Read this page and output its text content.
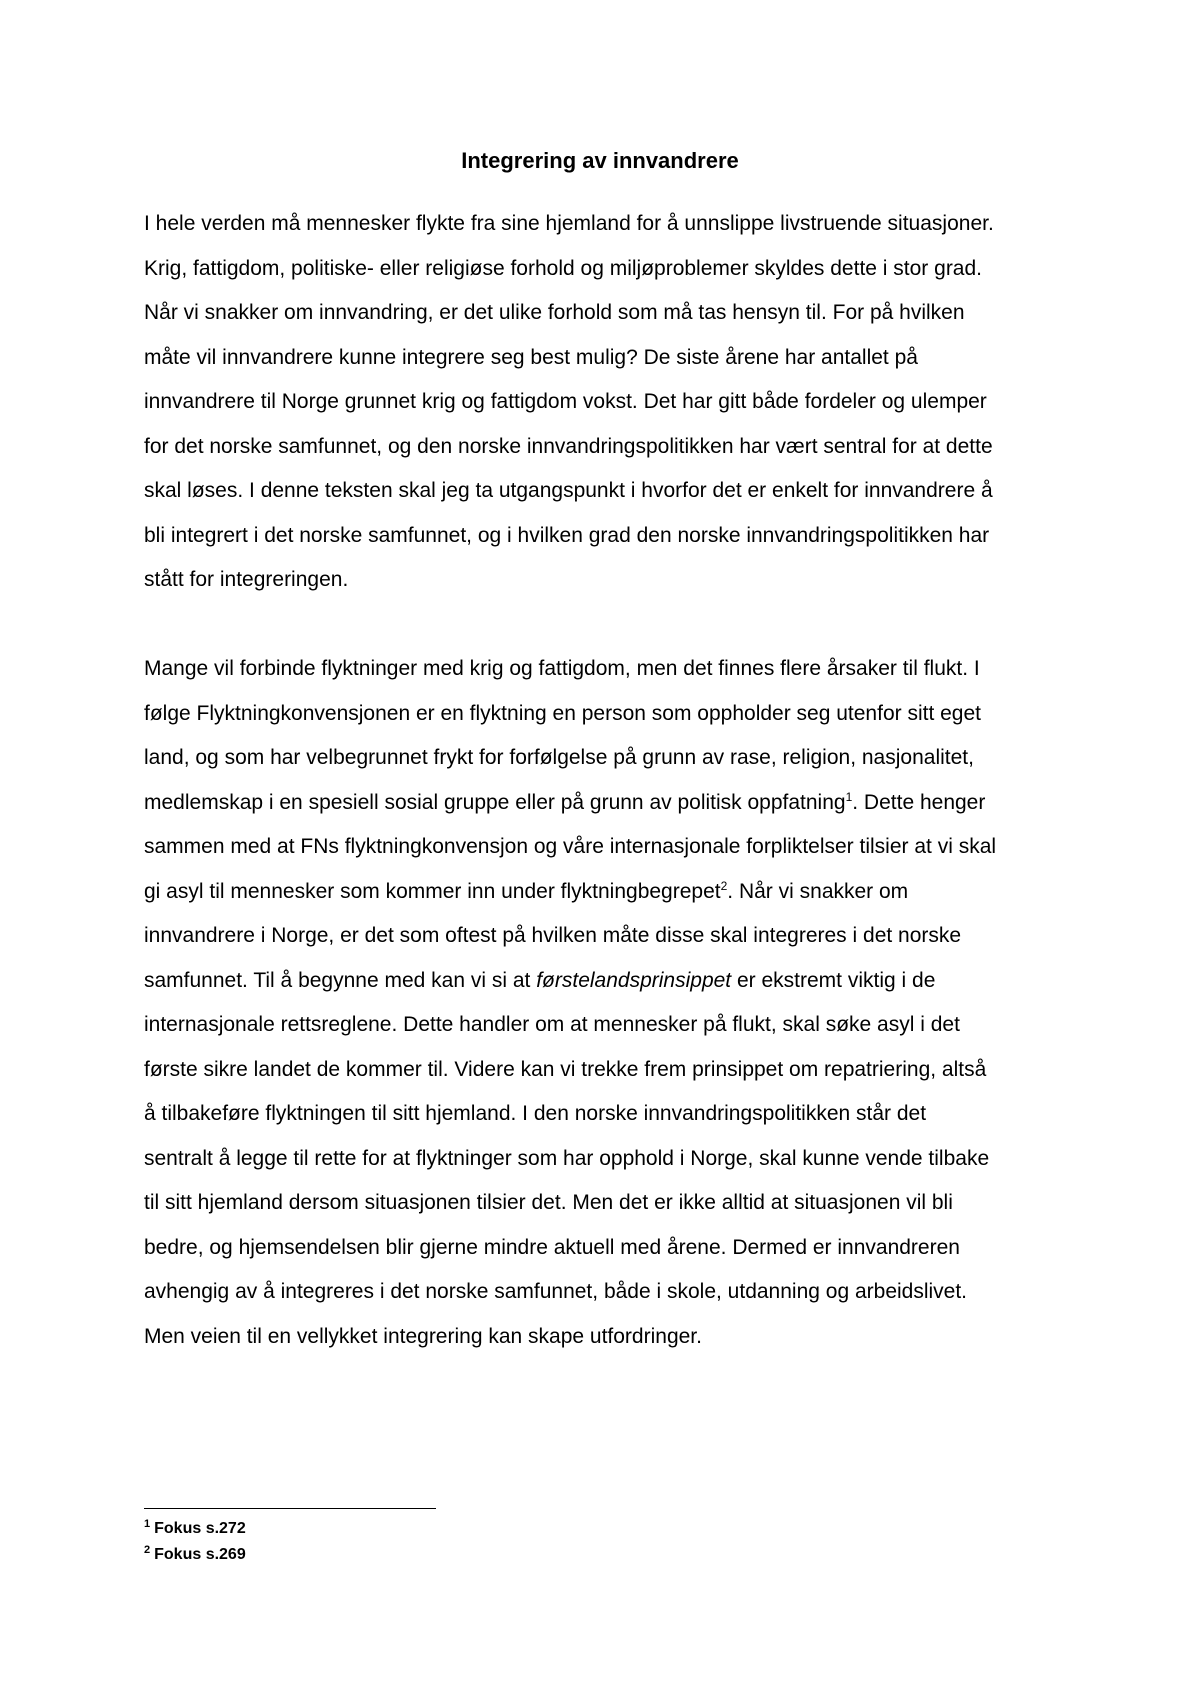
Integrering av innvandrere
I hele verden må mennesker flykte fra sine hjemland for å unnslippe livstruende situasjoner.
Krig, fattigdom, politiske- eller religiøse forhold og miljøproblemer skyldes dette i stor grad.
Når vi snakker om innvandring, er det ulike forhold som må tas hensyn til. For på hvilken
måte vil innvandrere kunne integrere seg best mulig? De siste årene har antallet på
innvandrere til Norge grunnet krig og fattigdom vokst. Det har gitt både fordeler og ulemper
for det norske samfunnet, og den norske innvandringspolitikken har vært sentral for at dette
skal løses. I denne teksten skal jeg ta utgangspunkt i hvorfor det er enkelt for innvandrere å
bli integrert i det norske samfunnet, og i hvilken grad den norske innvandringspolitikken har
stått for integreringen.
Mange vil forbinde flyktninger med krig og fattigdom, men det finnes flere årsaker til flukt. I
følge Flyktningkonvensjonen er en flyktning en person som oppholder seg utenfor sitt eget
land, og som har velbegrunnet frykt for forfølgelse på grunn av rase, religion, nasjonalitet,
medlemskap i en spesiell sosial gruppe eller på grunn av politisk oppfatning$^1$. Dette henger
sammen med at FNs flyktningkonvensjon og våre internasjonale forpliktelser tilsier at vi skal
gi asyl til mennesker som kommer inn under flyktningbegrepet$^2$. Når vi snakker om
innvandrere i Norge, er det som oftest på hvilken måte disse skal integreres i det norske
samfunnet. Til å begynne med kan vi si at førstelandsprinsippet er ekstremt viktig i de
internasjonale rettsreglene. Dette handler om at mennesker på flukt, skal søke asyl i det
første sikre landet de kommer til. Videre kan vi trekke frem prinsippet om repatriering, altså
å tilbakeføre flyktningen til sitt hjemland. I den norske innvandringspolitikken står det
sentralt å legge til rette for at flyktninger som har opphold i Norge, skal kunne vende tilbake
til sitt hjemland dersom situasjonen tilsier det. Men det er ikke alltid at situasjonen vil bli
bedre, og hjemsendelsen blir gjerne mindre aktuell med årene. Dermed er innvandreren
avhengig av å integreres i det norske samfunnet, både i skole, utdanning og arbeidslivet.
Men veien til en vellykket integrering kan skape utfordringer.
$^1$ Fokus s.272
$^2$ Fokus s.269
